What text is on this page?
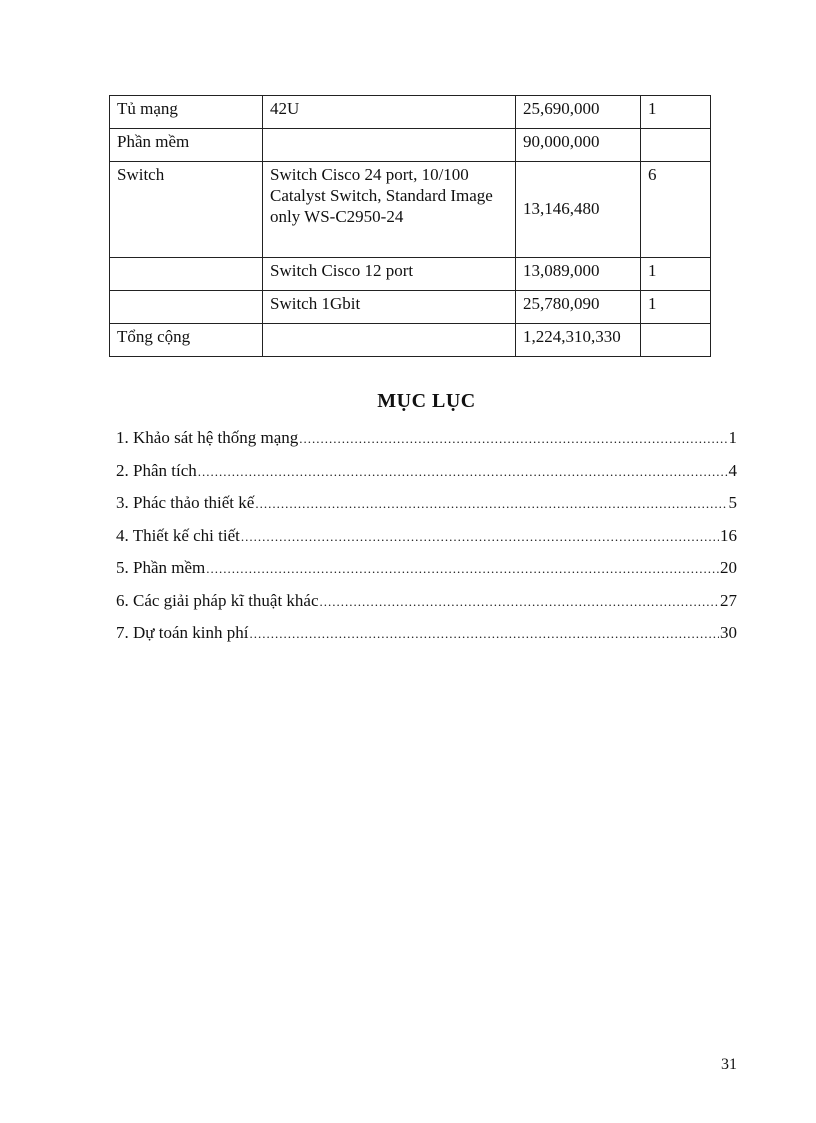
Tủ mạng	42U	25,690,000	1
Phần mềm		90,000,000	
Switch	Switch Cisco 24 port, 10/100 Catalyst Switch, Standard Image only WS-C2950-24	13,146,480	6
	Switch Cisco 12 port	13,089,000	1
	Switch 1Gbit	25,780,090	1
Tổng cộng		1,224,310,330	
MỤC LỤC
1. Khảo sát hệ thống mạng .....	1
2. Phân tích .....	4
3. Phác thảo thiết kế .....	5
4. Thiết kế chi tiết .....	16
5. Phần mềm .....	20
6. Các giải pháp kĩ thuật khác .....	27
7. Dự toán kinh phí .....	30
31
